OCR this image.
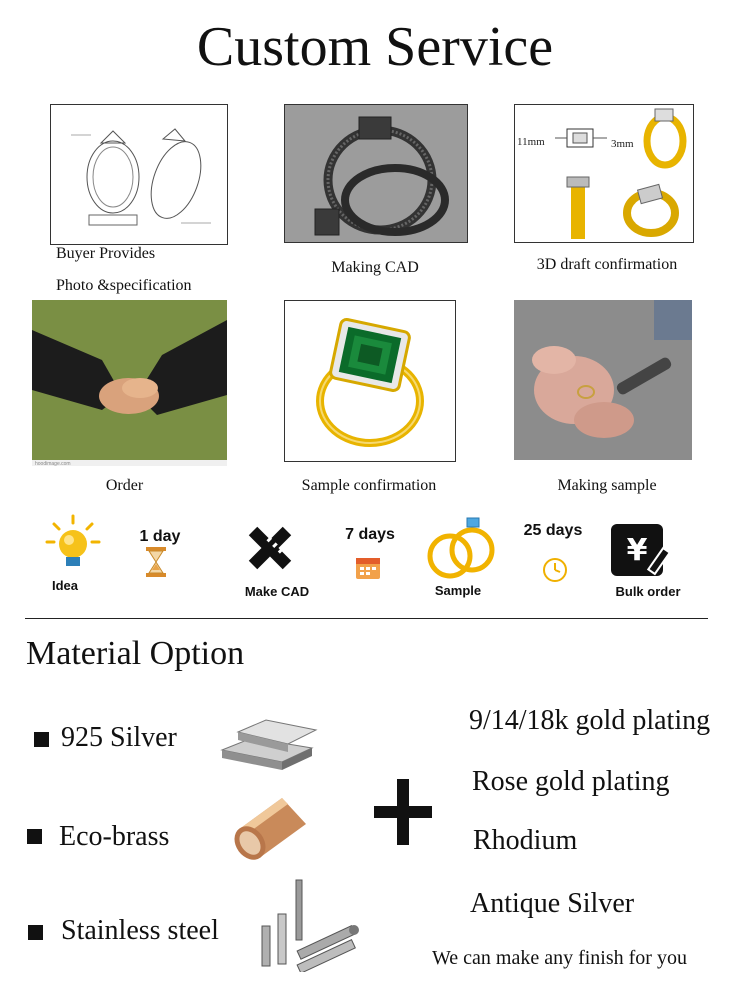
Custom Service
Buyer Provides
Photo &specification
Making CAD
11mm	3mm
3D draft confirmation
hoodimage.com
Order	Sample confirmation	Making sample
Idea
1 day
Make CAD
7 days
Sample
25 days
¥
Bulk order
Material Option
925 Silver
Eco-brass
Stainless steel
9/14/18k gold plating
Rose gold plating
Rhodium
Antique Silver
We can make any finish for you
